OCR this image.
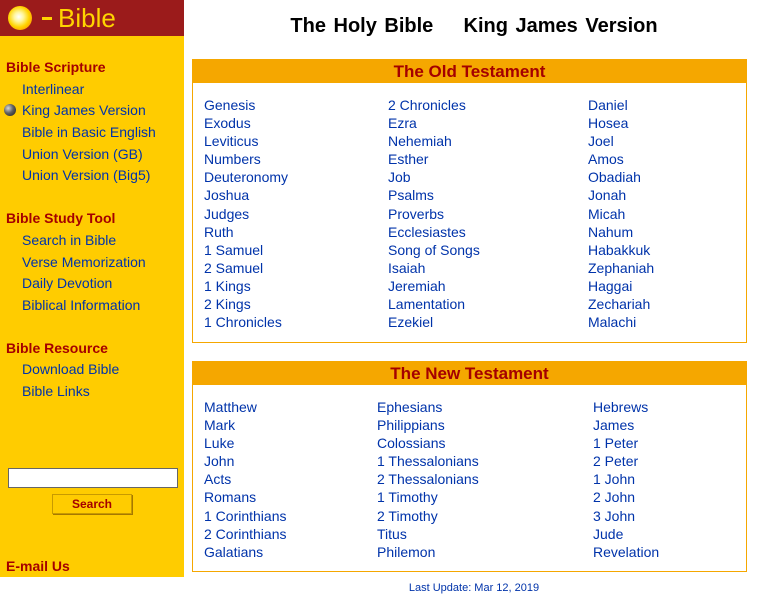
Bible
Bible Scripture
Interlinear
King James Version
Bible in Basic English
Union Version (GB)
Union Version (Big5)
Bible Study Tool
Search in Bible
Verse Memorization
Daily Devotion
Biblical Information
Bible Resource
Download Bible
Bible Links
Search
E-mail Us
The Holy Bible King James Version
The Old Testament
Genesis
Exodus
Leviticus
Numbers
Deuteronomy
Joshua
Judges
Ruth
1 Samuel
2 Samuel
1 Kings
2 Kings
1 Chronicles
2 Chronicles
Ezra
Nehemiah
Esther
Job
Psalms
Proverbs
Ecclesiastes
Song of Songs
Isaiah
Jeremiah
Lamentation
Ezekiel
Daniel
Hosea
Joel
Amos
Obadiah
Jonah
Micah
Nahum
Habakkuk
Zephaniah
Haggai
Zechariah
Malachi
The New Testament
Matthew
Mark
Luke
John
Acts
Romans
1 Corinthians
2 Corinthians
Galatians
Ephesians
Philippians
Colossians
1 Thessalonians
2 Thessalonians
1 Timothy
2 Timothy
Titus
Philemon
Hebrews
James
1 Peter
2 Peter
1 John
2 John
3 John
Jude
Revelation
Last Update: Mar 12, 2019
